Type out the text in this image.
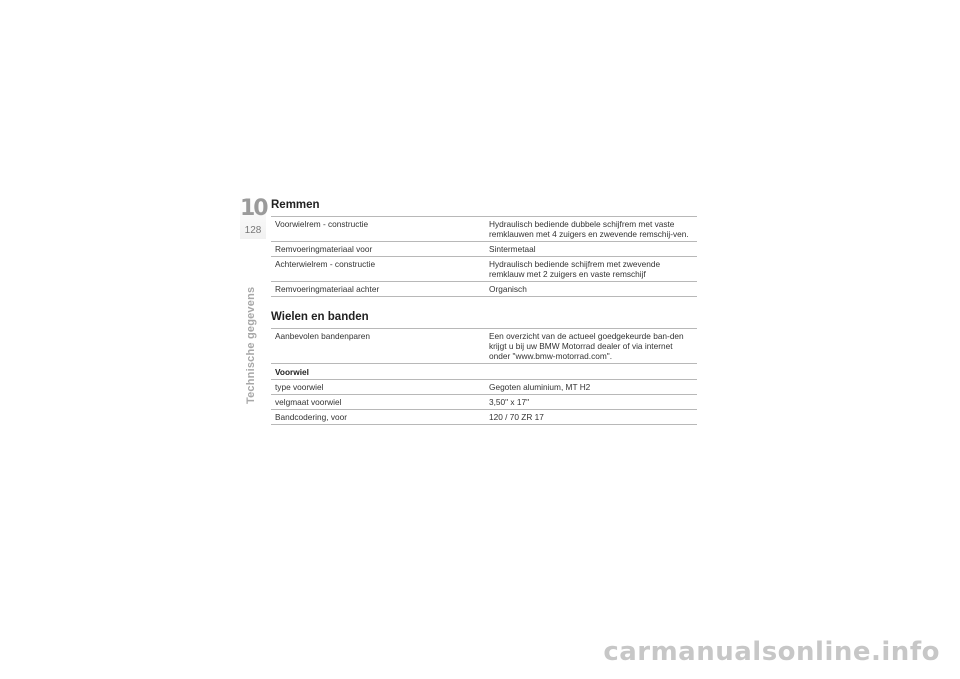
10
128
Technische gegevens
Remmen
Voorwielrem - constructie	Hydraulisch bediende dubbele schijfrem met vaste remklauwen met 4 zuigers en zwevende remschij-ven.
Remvoeringmateriaal voor	Sintermetaal
Achterwielrem - constructie	Hydraulisch bediende schijfrem met zwevende remklauw met 2 zuigers en vaste remschijf
Remvoeringmateriaal achter	Organisch
Wielen en banden
Aanbevolen bandenparen	Een overzicht van de actueel goedgekeurde ban-den krijgt u bij uw BMW Motorrad dealer of via internet onder "www.bmw-motorrad.com".
Voorwiel	
type voorwiel	Gegoten aluminium, MT H2
velgmaat voorwiel	3,50" x 17"
Bandcodering, voor	120 / 70 ZR 17
carmanualsonline.info
